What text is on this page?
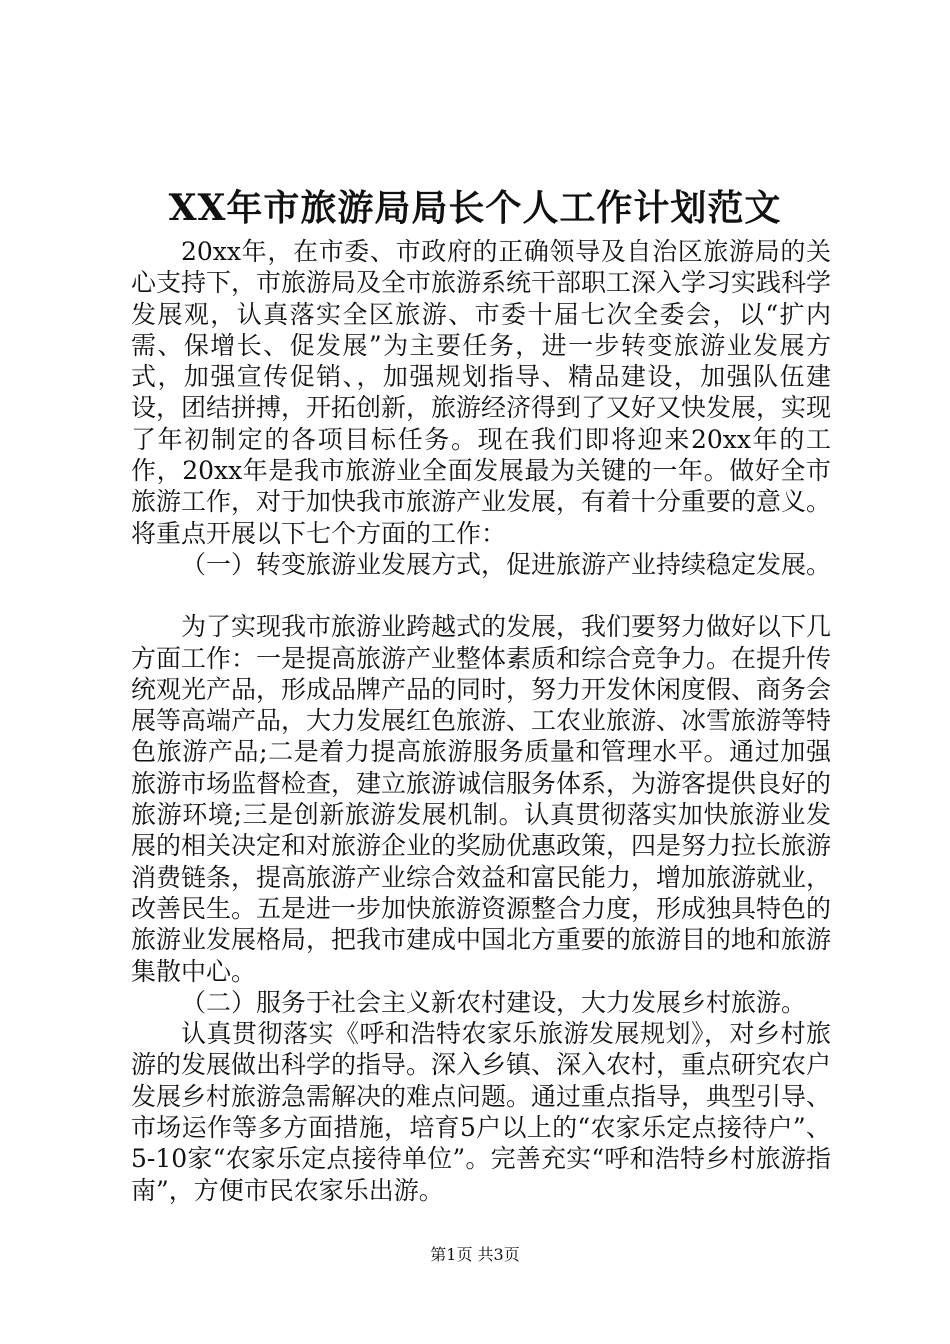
XX年市旅游局局长个人工作计划范文

20xx年，在市委、市政府的正确领导及自治区旅游局的关心支持下，市旅游局及全市旅游系统干部职工深入学习实践科学发展观，认真落实全区旅游、市委十届七次全委会，以“扩内需、保增长、促发展”为主要任务，进一步转变旅游业发展方式，加强宣传促销、，加强规划指导、精品建设，加强队伍建设，团结拼搏，开拓创新，旅游经济得到了又好又快发展，实现了年初制定的各项目标任务。现在我们即将迎来20xx年的工作，20xx年是我市旅游业全面发展最为关键的一年。做好全市旅游工作，对于加快我市旅游产业发展，有着十分重要的意义。将重点开展以下七个方面的工作：

（一）转变旅游业发展方式，促进旅游产业持续稳定发展。

为了实现我市旅游业跨越式的发展，我们要努力做好以下几方面工作：一是提高旅游产业整体素质和综合竞争力。在提升传统观光产品，形成品牌产品的同时，努力开发休闲度假、商务会展等高端产品，大力发展红色旅游、工农业旅游、冰雪旅游等特色旅游产品;二是着力提高旅游服务质量和管理水平。通过加强旅游市场监督检查，建立旅游诚信服务体系，为游客提供良好的旅游环境;三是创新旅游发展机制。认真贯彻落实加快旅游业发展的相关决定和对旅游企业的奖励优惠政策，四是努力拉长旅游消费链条，提高旅游产业综合效益和富民能力，增加旅游就业，改善民生。五是进一步加快旅游资源整合力度，形成独具特色的旅游业发展格局，把我市建成中国北方重要的旅游目的地和旅游集散中心。

（二）服务于社会主义新农村建设，大力发展乡村旅游。

认真贯彻落实《呼和浩特农家乐旅游发展规划》，对乡村旅游的发展做出科学的指导。深入乡镇、深入农村，重点研究农户发展乡村旅游急需解决的难点问题。通过重点指导，典型引导、市场运作等多方面措施，培育5户以上的“农家乐定点接待户”、5-10家“农家乐定点接待单位”。完善充实“呼和浩特乡村旅游指南”，方便市民农家乐出游。

第1页 共3页
